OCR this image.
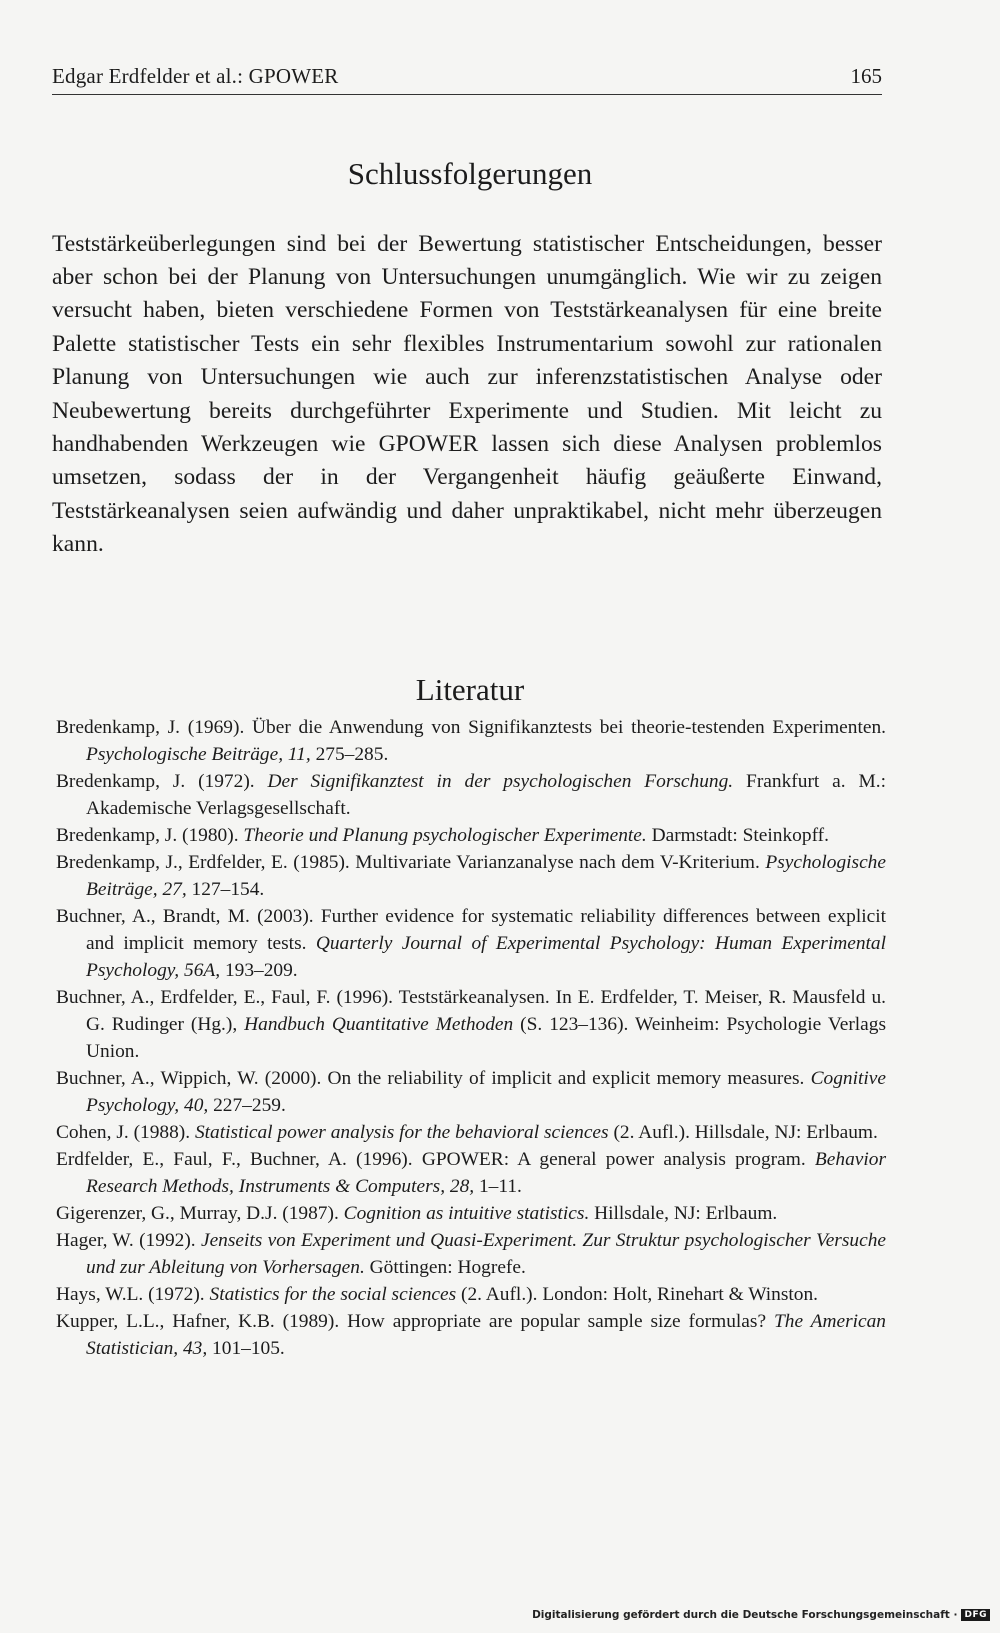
Edgar Erdfelder et al.: GPOWER	165
Schlussfolgerungen

Teststärkeüberlegungen sind bei der Bewertung statistischer Entscheidungen, besser aber schon bei der Planung von Untersuchungen unumgänglich. Wie wir zu zeigen versucht haben, bieten verschiedene Formen von Teststärkeanalysen für eine breite Palette statistischer Tests ein sehr flexibles Instrumentarium sowohl zur rationalen Planung von Untersuchungen wie auch zur inferenzstatistischen Analyse oder Neubewertung bereits durchgeführter Experimente und Studien. Mit leicht zu handhabenden Werkzeugen wie GPOWER lassen sich diese Analysen problemlos umsetzen, sodass der in der Vergangenheit häufig geäußerte Einwand, Teststärkeanalysen seien aufwändig und daher unpraktikabel, nicht mehr überzeugen kann.

Literatur
Bredenkamp, J. (1969). Über die Anwendung von Signifikanztests bei theorie-testenden Experimenten. Psychologische Beiträge, 11, 275–285.
Bredenkamp, J. (1972). Der Signifikanztest in der psychologischen Forschung. Frankfurt a. M.: Akademische Verlagsgesellschaft.
Bredenkamp, J. (1980). Theorie und Planung psychologischer Experimente. Darmstadt: Steinkopff.
Bredenkamp, J., Erdfelder, E. (1985). Multivariate Varianzanalyse nach dem V-Kriterium. Psychologische Beiträge, 27, 127–154.
Buchner, A., Brandt, M. (2003). Further evidence for systematic reliability differences between explicit and implicit memory tests. Quarterly Journal of Experimental Psychology: Human Experimental Psychology, 56A, 193–209.
Buchner, A., Erdfelder, E., Faul, F. (1996). Teststärkeanalysen. In E. Erdfelder, T. Meiser, R. Mausfeld u. G. Rudinger (Hg.), Handbuch Quantitative Methoden (S. 123–136). Weinheim: Psychologie Verlags Union.
Buchner, A., Wippich, W. (2000). On the reliability of implicit and explicit memory measures. Cognitive Psychology, 40, 227–259.
Cohen, J. (1988). Statistical power analysis for the behavioral sciences (2. Aufl.). Hillsdale, NJ: Erlbaum.
Erdfelder, E., Faul, F., Buchner, A. (1996). GPOWER: A general power analysis program. Behavior Research Methods, Instruments & Computers, 28, 1–11.
Gigerenzer, G., Murray, D.J. (1987). Cognition as intuitive statistics. Hillsdale, NJ: Erlbaum.
Hager, W. (1992). Jenseits von Experiment und Quasi-Experiment. Zur Struktur psychologischer Versuche und zur Ableitung von Vorhersagen. Göttingen: Hogrefe.
Hays, W.L. (1972). Statistics for the social sciences (2. Aufl.). London: Holt, Rinehart & Winston.
Kupper, L.L., Hafner, K.B. (1989). How appropriate are popular sample size formulas? The American Statistician, 43, 101–105.
Digitalisierung gefördert durch die Deutsche Forschungsgemeinschaft · DFG
